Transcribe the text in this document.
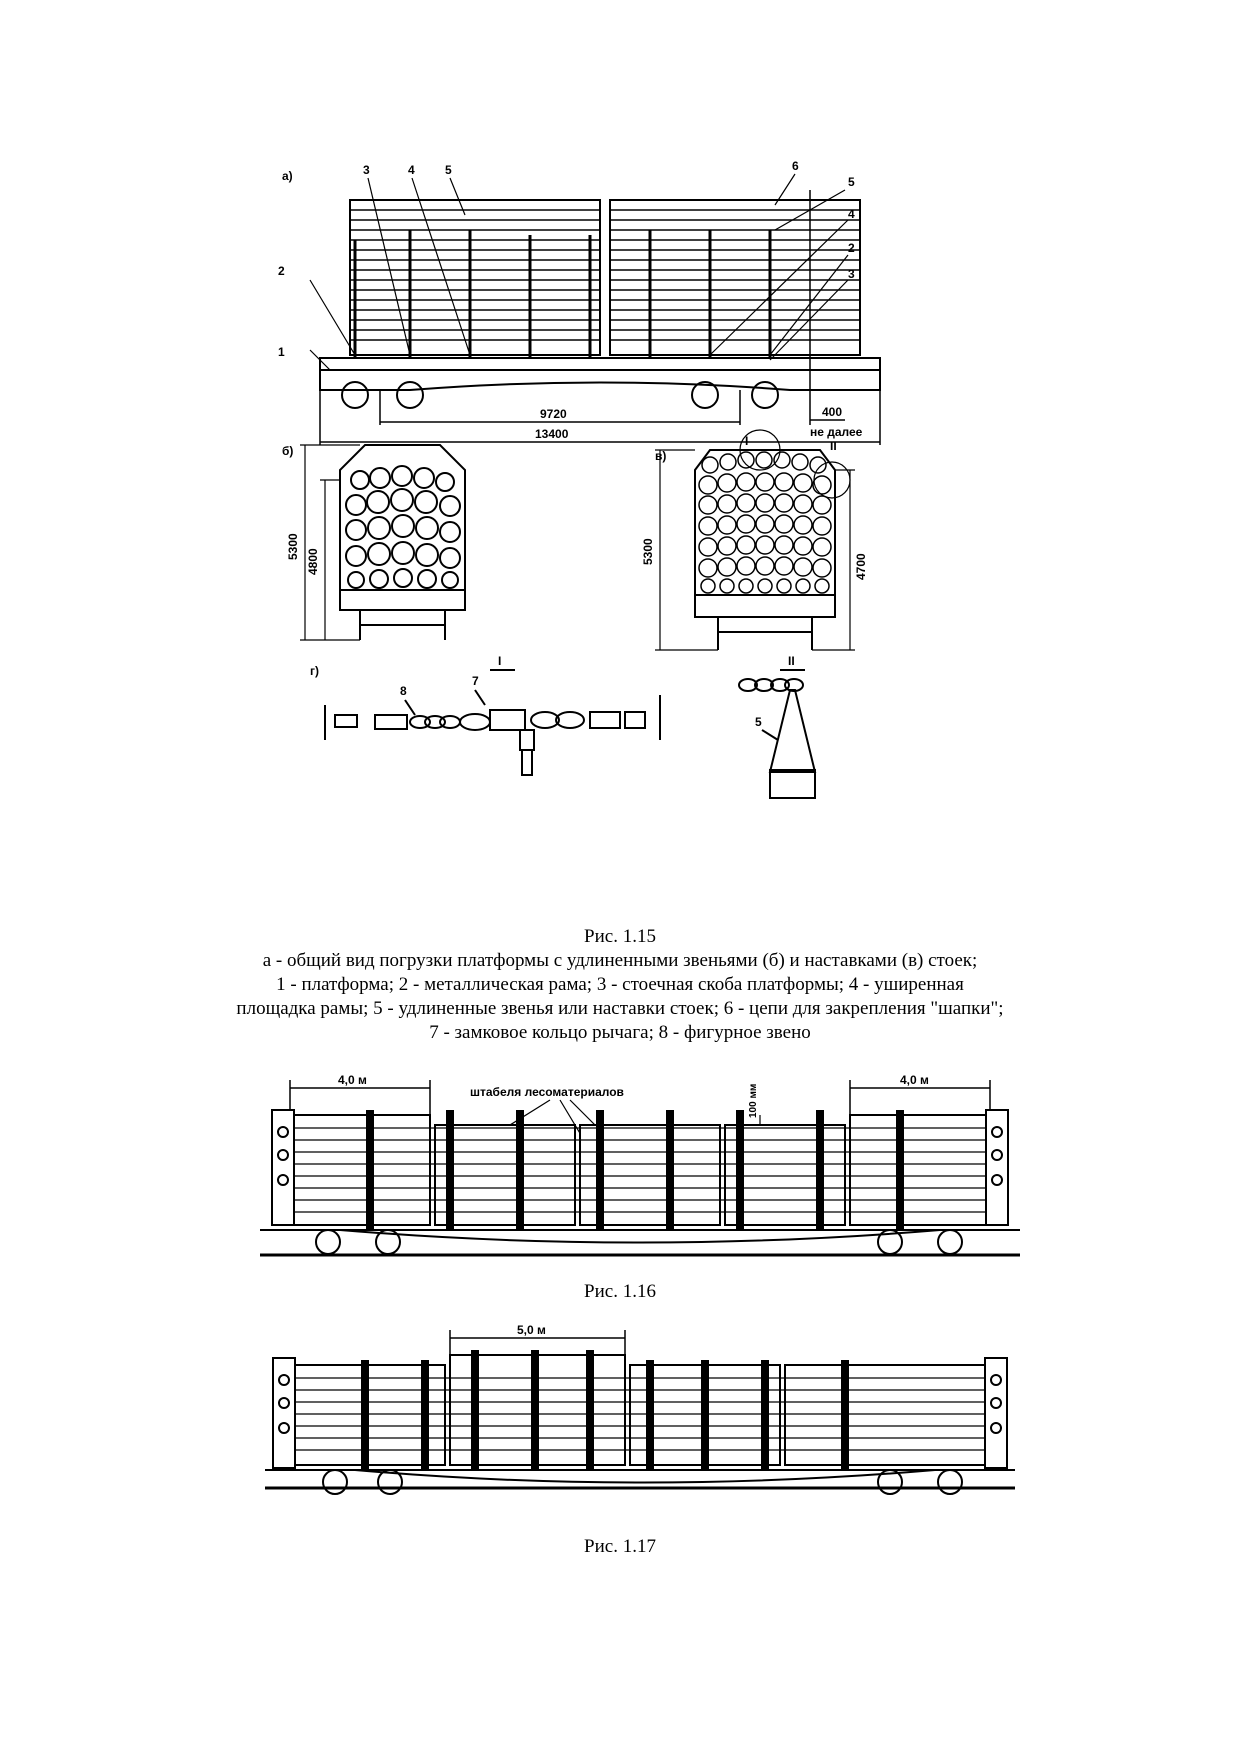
а)
2
1
3	4	5	6
5
4
2
3
9720
13400
400
не далее
б)
5300
4800
в)
5300
4700
I	II
г)
I	II
8
7
5
Рис. 1.15
а - общий вид погрузки платформы с удлиненными звеньями (б) и наставками (в) стоек;
1 - платформа; 2 - металлическая рама; 3 - стоечная скоба платформы; 4 - уширенная
площадка рамы; 5 - удлиненные звенья или наставки стоек; 6 - цепи для закрепления "шапки";
7 - замковое кольцо рычага; 8 - фигурное звено
4,0 м	4,0 м
штабеля лесоматериалов	100 мм
Рис. 1.16
5,0 м
Рис. 1.17
